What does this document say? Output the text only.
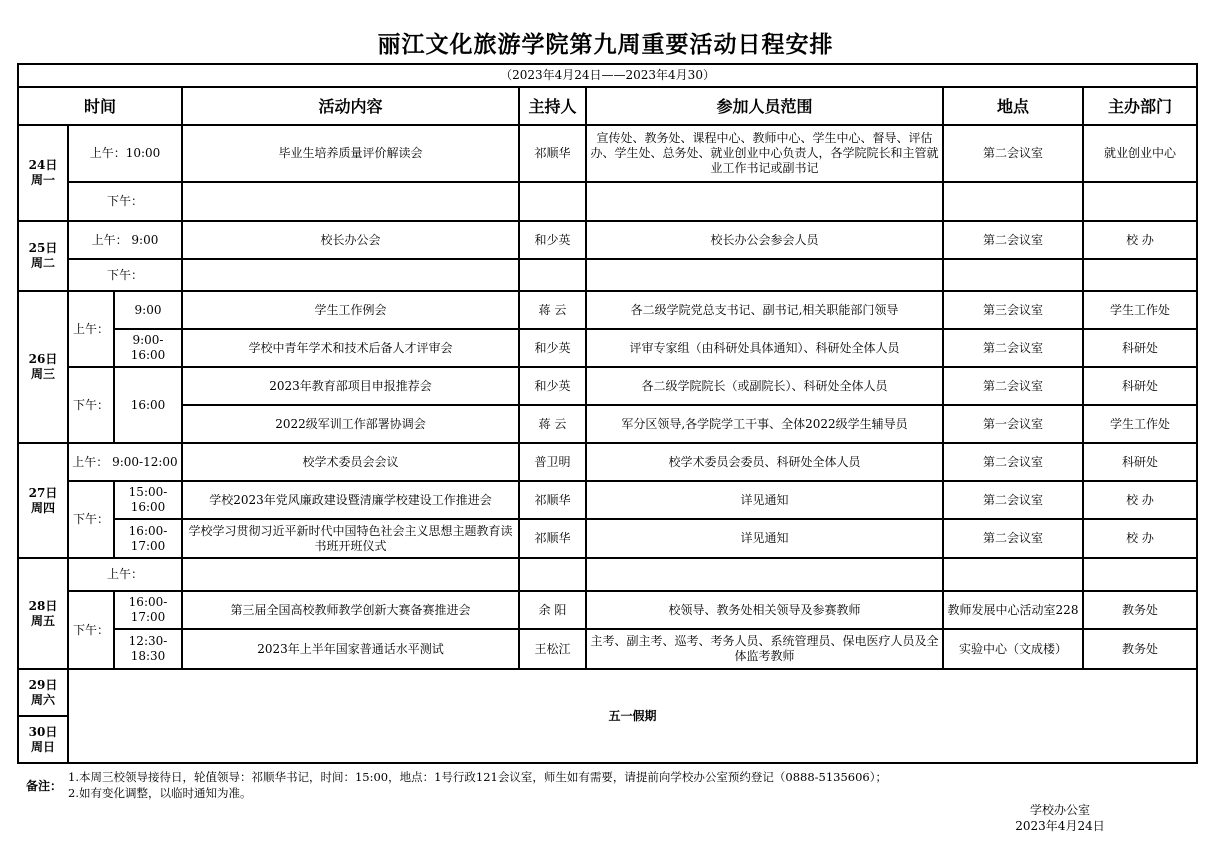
丽江文化旅游学院第九周重要活动日程安排
（2023年4月24日——2023年4月30）							
时间			活动内容	主持人	参加人员范围	地点	主办部门
24日
周一	上午：10:00		毕业生培养质量评价解读会	祁顺华	宣传处、教务处、课程中心、教师中心、学生中心、督导、评估办、学生处、总务处、就业创业中心负责人，各学院院长和主管就业工作书记或副书记	第二会议室	就业创业中心
	下午：						
25日
周二	上午： 9:00		校长办公会	和少英	校长办公会参会人员	第二会议室	校 办
	下午：						
26日
周三	上午：	9:00	学生工作例会	蒋 云	各二级学院党总支书记、副书记,相关职能部门领导	第三会议室	学生工作处
		9:00-16:00	学校中青年学术和技术后备人才评审会	和少英	评审专家组（由科研处具体通知）、科研处全体人员	第二会议室	科研处
	下午：	16:00	2023年教育部项目申报推荐会	和少英	各二级学院院长（或副院长）、科研处全体人员	第二会议室	科研处
			2022级军训工作部署协调会	蒋 云	军分区领导,各学院学工干事、全体2022级学生辅导员	第一会议室	学生工作处
27日
周四	上午： 9:00-12:00		校学术委员会会议	普卫明	校学术委员会委员、科研处全体人员	第二会议室	科研处
	下午：	15:00-16:00	学校2023年党风廉政建设暨清廉学校建设工作推进会	祁顺华	详见通知	第二会议室	校 办
		16:00-17:00	学校学习贯彻习近平新时代中国特色社会主义思想主题教育读书班开班仪式	祁顺华	详见通知	第二会议室	校 办
28日
周五	上午：						
	下午：	16:00-17:00	第三届全国高校教师教学创新大赛备赛推进会	余 阳	校领导、教务处相关领导及参赛教师	教师发展中心活动室228	教务处
		12:30-18:30	2023年上半年国家普通话水平测试	王松江	主考、副主考、巡考、考务人员、系统管理员、保电医疗人员及全体监考教师	实验中心（文成楼）	教务处
29日
周六	五一假期						
30日
周日							
备注：
1.本周三校领导接待日，轮值领导：祁顺华书记，时间：15:00，地点：1号行政121会议室，师生如有需要，请提前向学校办公室预约登记（0888-5135606）；
2.如有变化调整，以临时通知为准。
学校办公室
2023年4月24日
